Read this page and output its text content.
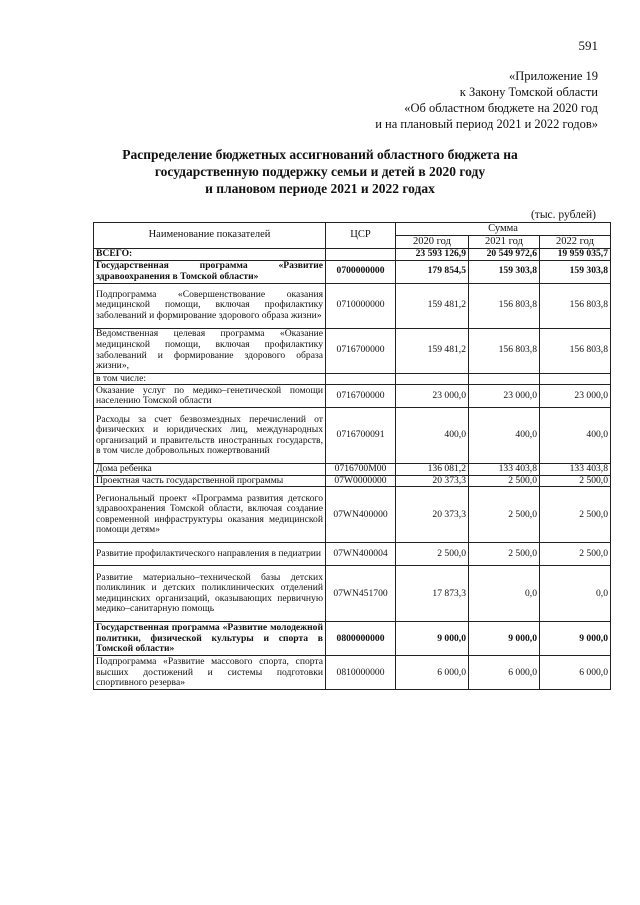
591
«Приложение 19
к Закону Томской области
«Об областном бюджете на 2020 год
и на плановый период 2021 и 2022 годов»
Распределение бюджетных ассигнований областного бюджета на
государственную поддержку семьи и детей в 2020 году
и плановом периоде 2021 и 2022 годах
(тыс. рублей)
Наименование показателей	ЦСР	Сумма		
		2020 год	2021 год	2022 год
ВСЕГО:		23 593 126,9	20 549 972,6	19 959 035,7
Государственная программа «Развитие здравоохранения в Томской области»	0700000000	179 854,5	159 303,8	159 303,8
Подпрограмма «Совершенствование оказания медицинской помощи, включая профилактику заболеваний и формирование здорового образа жизни»	0710000000	159 481,2	156 803,8	156 803,8
Ведомственная целевая программа «Оказание медицинской помощи, включая профилактику заболеваний и формирование здорового образа жизни»,	0716700000	159 481,2	156 803,8	156 803,8
в том числе:				
Оказание услуг по медико–генетической помощи населению Томской области	0716700000	23 000,0	23 000,0	23 000,0
Расходы за счет безвозмездных перечислений от физических и юридических лиц, международных организаций и правительств иностранных государств, в том числе добровольных пожертвований	0716700091	400,0	400,0	400,0
Дома ребенка	0716700М00	136 081,2	133 403,8	133 403,8
Проектная часть государственной программы	07W0000000	20 373,3	2 500,0	2 500,0
Региональный проект «Программа развития детского здравоохранения Томской области, включая создание современной инфраструктуры оказания медицинской помощи детям»	07WN400000	20 373,3	2 500,0	2 500,0
Развитие профилактического направления в педиатрии	07WN400004	2 500,0	2 500,0	2 500,0
Развитие материально–технической базы детских поликлиник и детских поликлинических отделений медицинских организаций, оказывающих первичную медико–санитарную помощь	07WN451700	17 873,3	0,0	0,0
Государственная программа «Развитие молодежной политики, физической культуры и спорта в Томской области»	0800000000	9 000,0	9 000,0	9 000,0
Подпрограмма «Развитие массового спорта, спорта высших достижений и системы подготовки спортивного резерва»	0810000000	6 000,0	6 000,0	6 000,0
